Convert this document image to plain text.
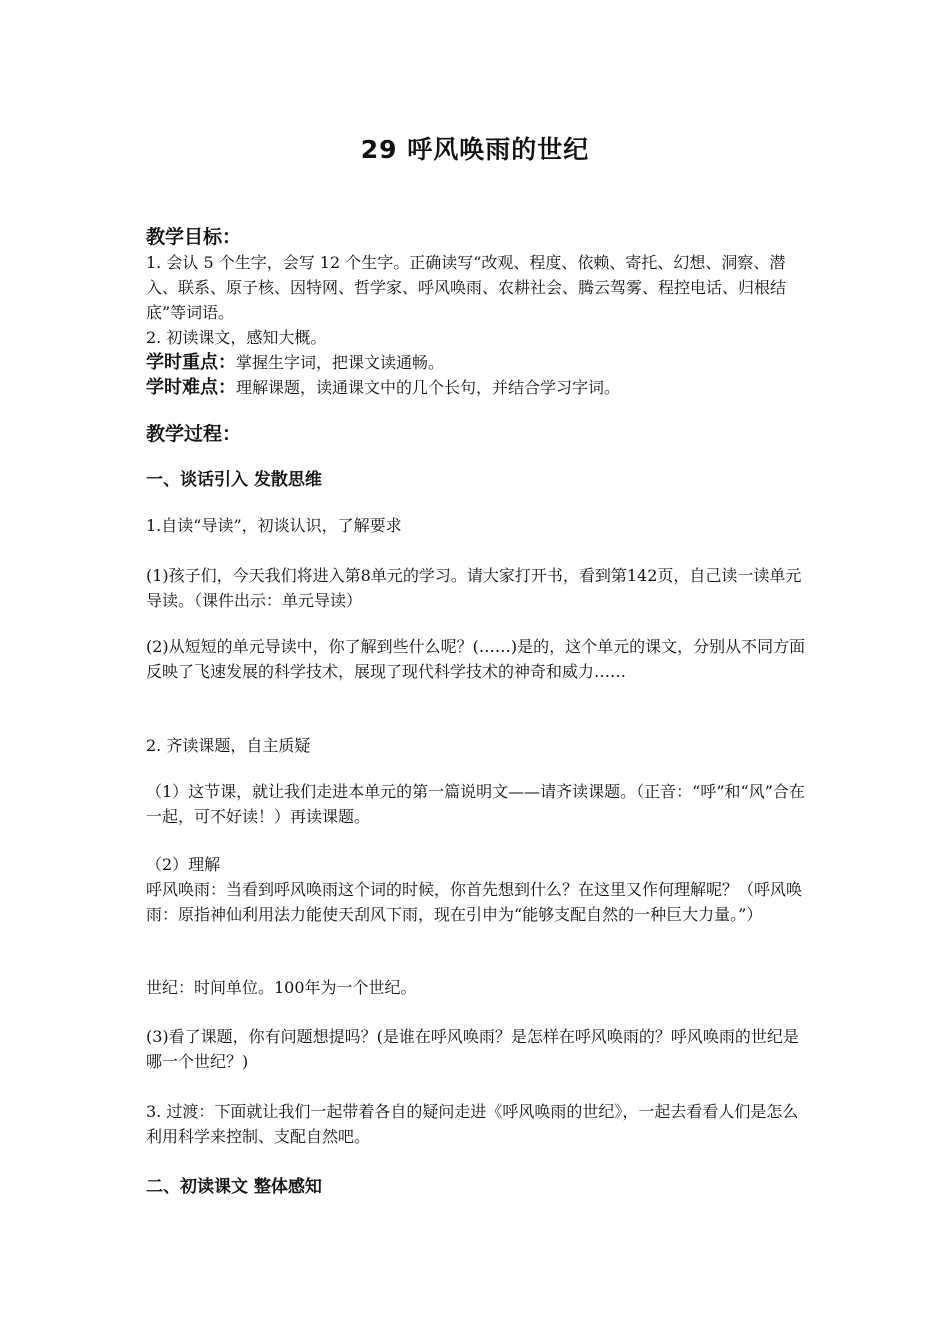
29 呼风唤雨的世纪

教学目标：

1. 会认 5 个生字，会写 12 个生字。正确读写“改观、程度、依赖、寄托、幻想、洞察、潜入、联系、原子核、因特网、哲学家、呼风唤雨、农耕社会、腾云驾雾、程控电话、归根结底”等词语。

2. 初读课文，感知大概。

学时重点：掌握生字词，把课文读通畅。

学时难点：理解课题，读通课文中的几个长句，并结合学习字词。

教学过程：

一、谈话引入 发散思维

1.自读“导读”，初谈认识，了解要求

(1)孩子们，今天我们将进入第8单元的学习。请大家打开书，看到第142页，自己读一读单元导读。（课件出示：单元导读）

(2)从短短的单元导读中，你了解到些什么呢？(……)是的，这个单元的课文，分别从不同方面反映了飞速发展的科学技术，展现了现代科学技术的神奇和威力……

2. 齐读课题，自主质疑

（1）这节课，就让我们走进本单元的第一篇说明文——请齐读课题。（正音：“呼”和“风”合在一起，可不好读！）再读课题。

（2）理解

呼风唤雨：当看到呼风唤雨这个词的时候，你首先想到什么？在这里又作何理解呢？（呼风唤雨：原指神仙利用法力能使天刮风下雨，现在引申为“能够支配自然的一种巨大力量。”）

世纪：时间单位。100年为一个世纪。

(3)看了课题，你有问题想提吗？(是谁在呼风唤雨？是怎样在呼风唤雨的？呼风唤雨的世纪是哪一个世纪？)

3. 过渡：下面就让我们一起带着各自的疑问走进《呼风唤雨的世纪》，一起去看看人们是怎么利用科学来控制、支配自然吧。

二、初读课文 整体感知
